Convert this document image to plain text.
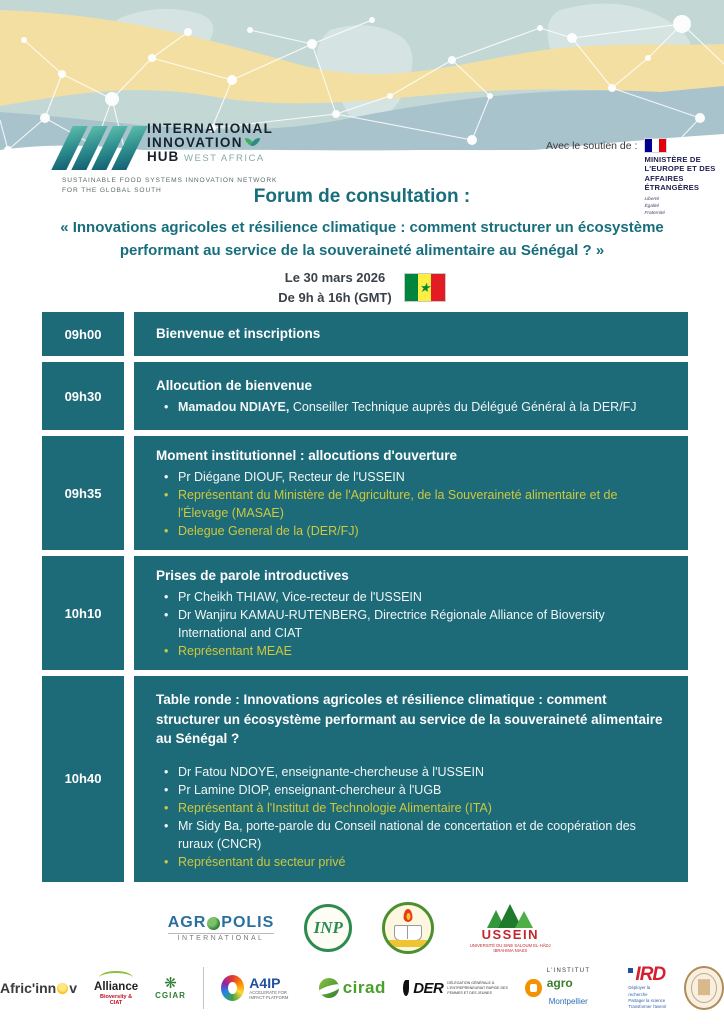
INTERNATIONAL
INNOVATION
HUB WEST AFRICA
SUSTAINABLE FOOD SYSTEMS INNOVATION NETWORK
FOR THE GLOBAL SOUTH
Avec le soutien de :
MINISTÈRE DE L'EUROPE ET DES AFFAIRES ÉTRANGÈRES
Liberté
Égalité
Fraternité
Forum de consultation :
« Innovations agricoles et résilience climatique : comment structurer un écosystème performant au service de la souveraineté alimentaire au Sénégal ? »
Le 30 mars 2026
De 9h à 16h (GMT)
★
09h00	Bienvenue et inscriptions
09h30
Allocution de bienvenue
• Mamadou NDIAYE, Conseiller Technique auprès du Délégué Général à la DER/FJ
09h35
Moment institutionnel : allocutions d'ouverture
• Pr Diégane DIOUF, Recteur de l'USSEIN
• Représentant du Ministère de l'Agriculture, de la Souveraineté alimentaire et de l'Élevage (MASAE)
• Delegue General de la (DER/FJ)
10h10
Prises de parole introductives
• Pr Cheikh THIAW, Vice-recteur de l'USSEIN
• Dr Wanjiru KAMAU-RUTENBERG, Directrice Régionale Alliance of Bioversity International and CIAT
• Représentant MEAE
10h40
Table ronde : Innovations agricoles et résilience climatique : comment structurer un écosystème performant au service de la souveraineté alimentaire au Sénégal ?
• Dr Fatou NDOYE, enseignante-chercheuse à l'USSEIN
• Pr Lamine DIOP, enseignant-chercheur à l'UGB
• Représentant à l'Institut de Technologie Alimentaire (ITA)
• Mr Sidy Ba, porte-parole du Conseil national de concertation et de coopération des ruraux (CNCR)
• Représentant du secteur privé
AGR POLIS
INTERNATIONAL
INP	USSEIN
UNIVERSITÉ DU SINE SALOUM EL-HÂDJ IBRAHIMA NIASS
Afric'inn v Alliance
Bioversity & CIAT
❋
CGIAR
A4IP
ACCELERATE FOR IMPACT PLATFORM
cirad DER DÉLÉGATION GÉNÉRALE À L'ENTREPRENEURIAT RAPIDE DES FEMMES ET DES JEUNES
L'INSTITUT
agro Montpellier
IRD
Déployer la recherche
Partager la science
Transformer l'avenir
